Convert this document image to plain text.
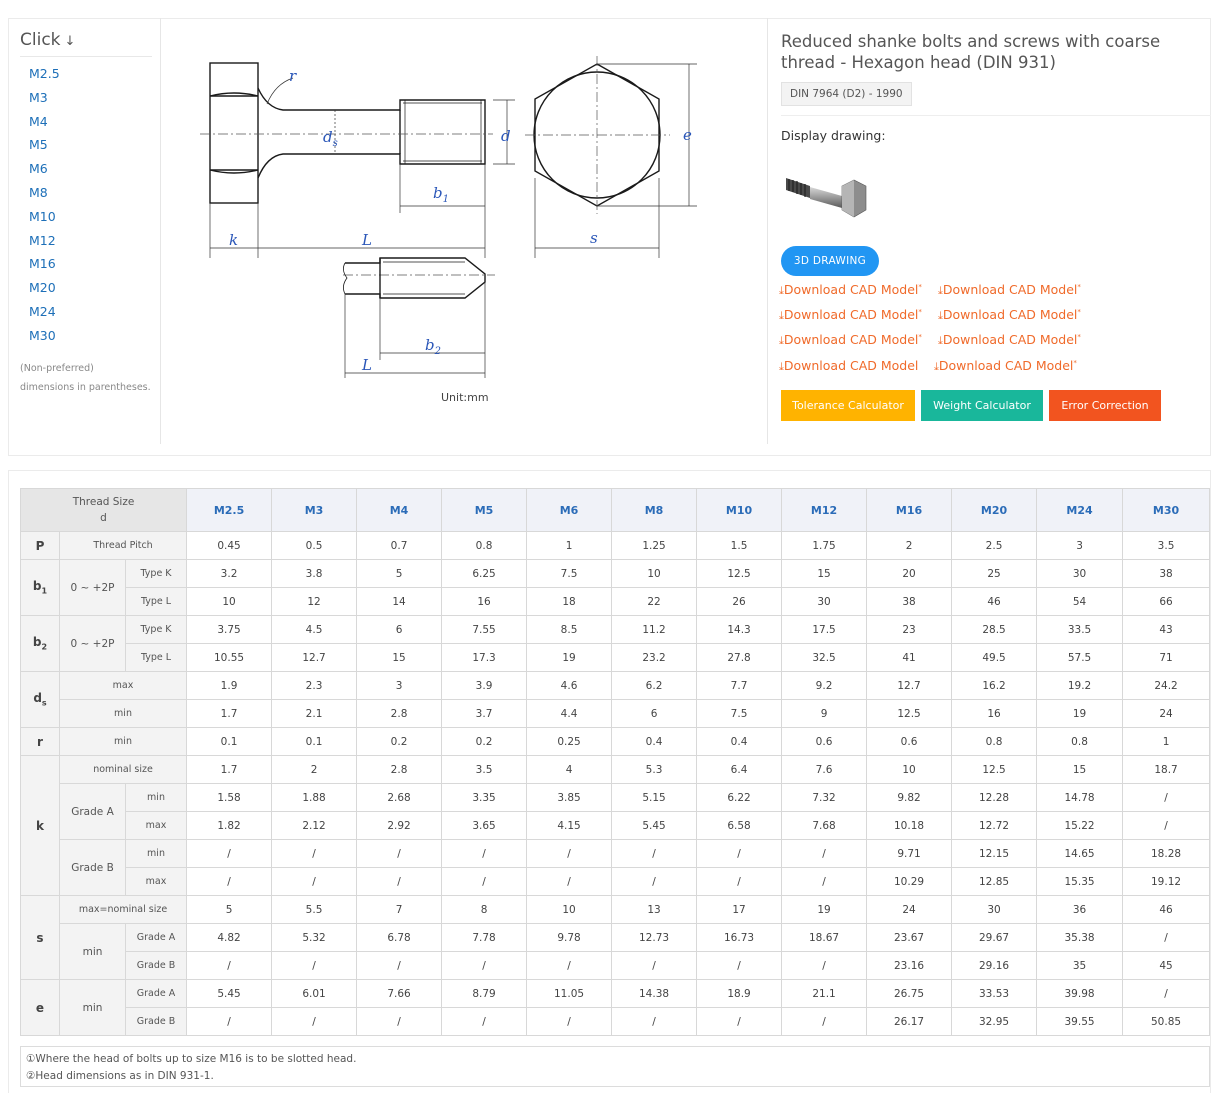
Click ↓
M2.5
M3
M4
M5
M6
M8
M10
M12
M16
M20
M24
M30
(Non-preferred)
dimensions in parentheses.
r
$d_s$	d	e
$b_1$
k	L	s
$b_2$
L
Unit:mm
Reduced shanke bolts and screws with coarse thread - Hexagon head (DIN 931)
DIN 7964 (D2) - 1990
Display drawing:
3D DRAWING
⤓Download CAD Model* ⤓Download CAD Model*
⤓Download CAD Model* ⤓Download CAD Model*
⤓Download CAD Model* ⤓Download CAD Model*
⤓Download CAD Model ⤓Download CAD Model*
Tolerance Calculator	Weight Calculator	Error Correction
Thread Size
d			M2.5	M3	M4	M5	M6	M8	M10	M12	M16	M20	M24	M30
P	Thread Pitch		0.45	0.5	0.7	0.8	1	1.25	1.5	1.75	2	2.5	3	3.5
$b_1$	0 ~ +2P	Type K	3.2	3.8	5	6.25	7.5	10	12.5	15	20	25	30	38
		Type L	10	12	14	16	18	22	26	30	38	46	54	66
$b_2$	0 ~ +2P	Type K	3.75	4.5	6	7.55	8.5	11.2	14.3	17.5	23	28.5	33.5	43
		Type L	10.55	12.7	15	17.3	19	23.2	27.8	32.5	41	49.5	57.5	71
$d_s$	max		1.9	2.3	3	3.9	4.6	6.2	7.7	9.2	12.7	16.2	19.2	24.2
	min		1.7	2.1	2.8	3.7	4.4	6	7.5	9	12.5	16	19	24
r	min		0.1	0.1	0.2	0.2	0.25	0.4	0.4	0.6	0.6	0.8	0.8	1
k	nominal size		1.7	2	2.8	3.5	4	5.3	6.4	7.6	10	12.5	15	18.7
	Grade A	min	1.58	1.88	2.68	3.35	3.85	5.15	6.22	7.32	9.82	12.28	14.78	/
		max	1.82	2.12	2.92	3.65	4.15	5.45	6.58	7.68	10.18	12.72	15.22	/
	Grade B	min	/	/	/	/	/	/	/	/	9.71	12.15	14.65	18.28
		max	/	/	/	/	/	/	/	/	10.29	12.85	15.35	19.12
s	max=nominal size		5	5.5	7	8	10	13	17	19	24	30	36	46
	min	Grade A	4.82	5.32	6.78	7.78	9.78	12.73	16.73	18.67	23.67	29.67	35.38	/
		Grade B	/	/	/	/	/	/	/	/	23.16	29.16	35	45
e	min	Grade A	5.45	6.01	7.66	8.79	11.05	14.38	18.9	21.1	26.75	33.53	39.98	/
		Grade B	/	/	/	/	/	/	/	/	26.17	32.95	39.55	50.85
①Where the head of bolts up to size M16 is to be slotted head.
②Head dimensions as in DIN 931-1.
